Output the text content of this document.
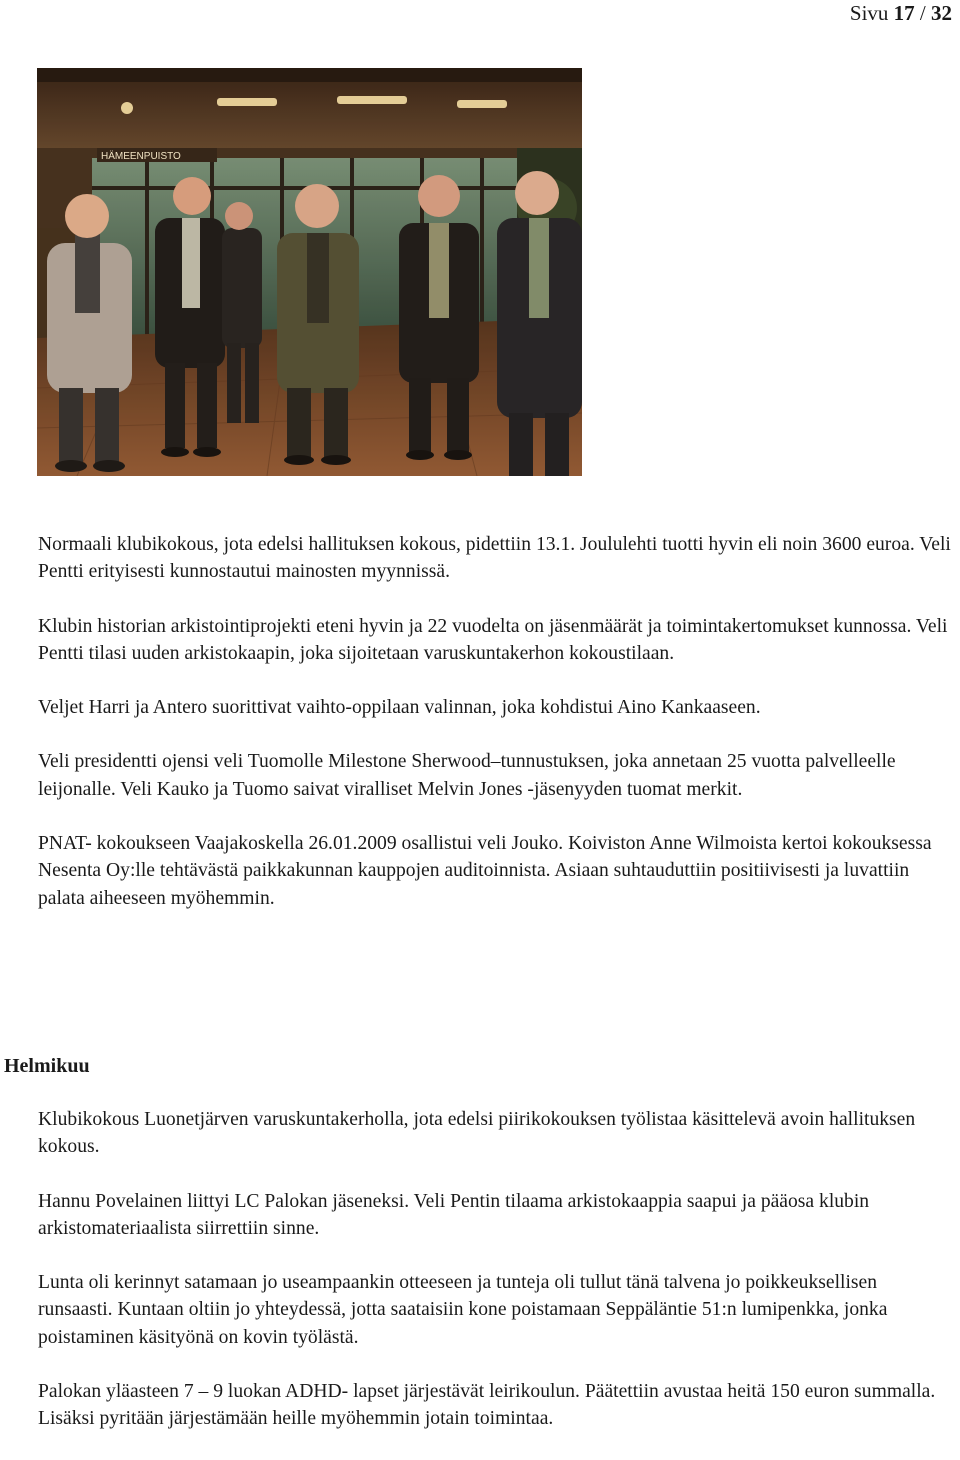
Sivu 17 / 32
HÄMEENPUISTO

Normaali klubikokous, jota edelsi hallituksen kokous, pidettiin 13.1. Joululehti tuotti hyvin eli noin 3600 euroa. Veli Pentti erityisesti kunnostautui mainosten myynnissä.

Klubin historian arkistointiprojekti eteni hyvin ja 22 vuodelta on jäsenmäärät ja toimintakertomukset kunnossa. Veli Pentti tilasi uuden arkistokaapin, joka sijoitetaan varuskuntakerhon kokoustilaan.

Veljet Harri ja Antero suorittivat vaihto-oppilaan valinnan, joka kohdistui Aino Kankaaseen.

Veli presidentti ojensi veli Tuomolle Milestone Sherwood–tunnustuksen, joka annetaan 25 vuotta palvelleelle leijonalle. Veli Kauko ja Tuomo saivat viralliset Melvin Jones -jäsenyyden tuomat merkit.

PNAT- kokoukseen Vaajakoskella 26.01.2009 osallistui veli Jouko. Koiviston Anne Wilmoista kertoi kokouksessa Nesenta Oy:lle tehtävästä paikkakunnan kauppojen auditoinnista. Asiaan suhtauduttiin positiivisesti ja luvattiin palata aiheeseen myöhemmin.

Helmikuu

Klubikokous Luonetjärven varuskuntakerholla, jota edelsi piirikokouksen työlistaa käsittelevä avoin hallituksen kokous.

Hannu Povelainen liittyi LC Palokan jäseneksi. Veli Pentin tilaama arkistokaappia saapui ja pääosa klubin arkistomateriaalista siirrettiin sinne.

Lunta oli kerinnyt satamaan jo useampaankin otteeseen ja tunteja oli tullut tänä talvena jo poikkeuksellisen runsaasti. Kuntaan oltiin jo yhteydessä, jotta saataisiin kone poistamaan Seppäläntie 51:n lumipenkka, jonka poistaminen käsityönä on kovin työlästä.

Palokan yläasteen 7 – 9 luokan ADHD- lapset järjestävät leirikoulun. Päätettiin avustaa heitä 150 euron summalla. Lisäksi pyritään järjestämään heille myöhemmin jotain toimintaa.
